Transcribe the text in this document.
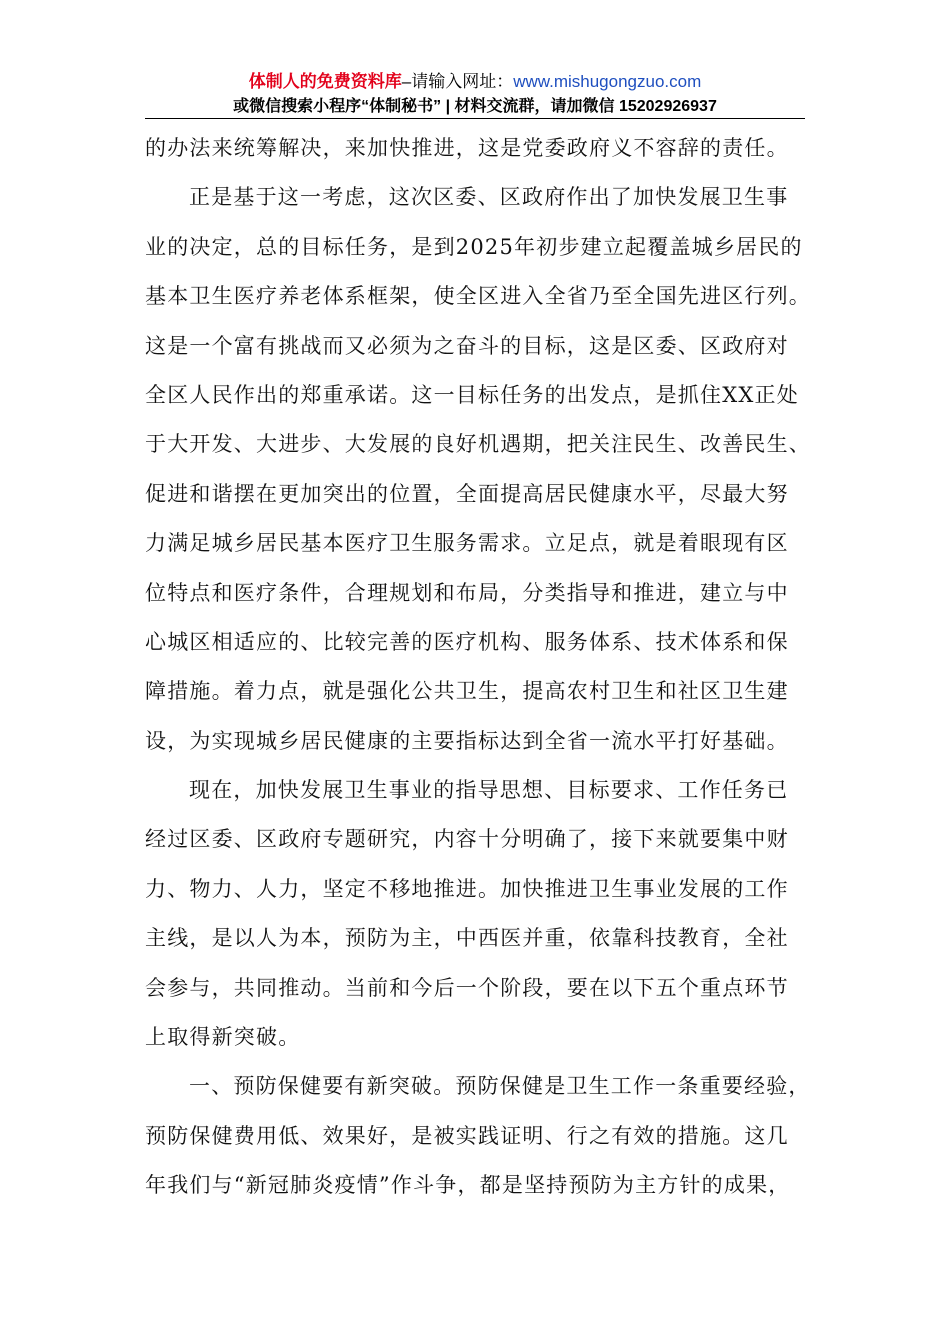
体制人的免费资料库–请输入网址：www.mishugongzuo.com
或微信搜索小程序“体制秘书” | 材料交流群，请加微信 15202926937
的办法来统筹解决，来加快推进，这是党委政府义不容辞的责任。
正是基于这一考虑，这次区委、区政府作出了加快发展卫生事
业的决定，总的目标任务，是到2025年初步建立起覆盖城乡居民的
基本卫生医疗养老体系框架，使全区进入全省乃至全国先进区行列。
这是一个富有挑战而又必须为之奋斗的目标，这是区委、区政府对
全区人民作出的郑重承诺。这一目标任务的出发点，是抓住XX正处
于大开发、大进步、大发展的良好机遇期，把关注民生、改善民生、
促进和谐摆在更加突出的位置，全面提高居民健康水平，尽最大努
力满足城乡居民基本医疗卫生服务需求。立足点，就是着眼现有区
位特点和医疗条件，合理规划和布局，分类指导和推进，建立与中
心城区相适应的、比较完善的医疗机构、服务体系、技术体系和保
障措施。着力点，就是强化公共卫生，提高农村卫生和社区卫生建
设，为实现城乡居民健康的主要指标达到全省一流水平打好基础。
现在，加快发展卫生事业的指导思想、目标要求、工作任务已
经过区委、区政府专题研究，内容十分明确了，接下来就要集中财
力、物力、人力，坚定不移地推进。加快推进卫生事业发展的工作
主线，是以人为本，预防为主，中西医并重，依靠科技教育，全社
会参与，共同推动。当前和今后一个阶段，要在以下五个重点环节
上取得新突破。
一、预防保健要有新突破。预防保健是卫生工作一条重要经验，
预防保健费用低、效果好，是被实践证明、行之有效的措施。这几
年我们与“新冠肺炎疫情”作斗争，都是坚持预防为主方针的成果，
